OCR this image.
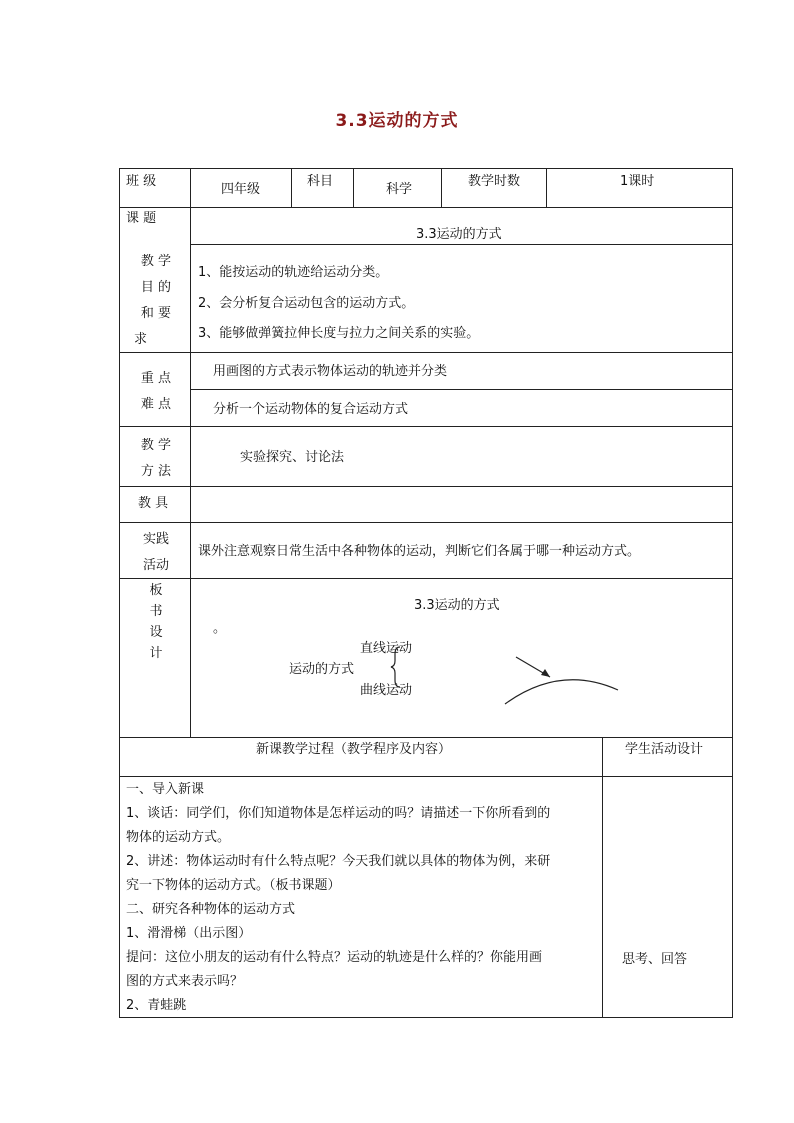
3.3运动的方式
班 级
四年级
科目
科学
教学时数	1课时
课 题
3.3运动的方式
教 学
目 的
和 要
求
1、能按运动的轨迹给运动分类。
2、会分析复合运动包含的运动方式。
3、能够做弹簧拉伸长度与拉力之间关系的实验。
重 点
难 点
用画图的方式表示物体运动的轨迹并分类
分析一个运动物体的复合运动方式
教 学
方 法
实验探究、讨论法
教 具
实践
活动
课外注意观察日常生活中各种物体的运动，判断它们各属于哪一种运动方式。
板
书
设
计
3.3运动的方式
。
直线运动
运动的方式
曲线运动
新课教学过程（教学程序及内容）	学生活动设计
一、导入新课
1、谈话：同学们，你们知道物体是怎样运动的吗？请描述一下你所看到的
物体的运动方式。
2、讲述：物体运动时有什么特点呢？今天我们就以具体的物体为例，来研
究一下物体的运动方式。（板书课题）
二、研究各种物体的运动方式
1、滑滑梯（出示图）
提问：这位小朋友的运动有什么特点？运动的轨迹是什么样的？你能用画
图的方式来表示吗？
2、青蛙跳
思考、回答
